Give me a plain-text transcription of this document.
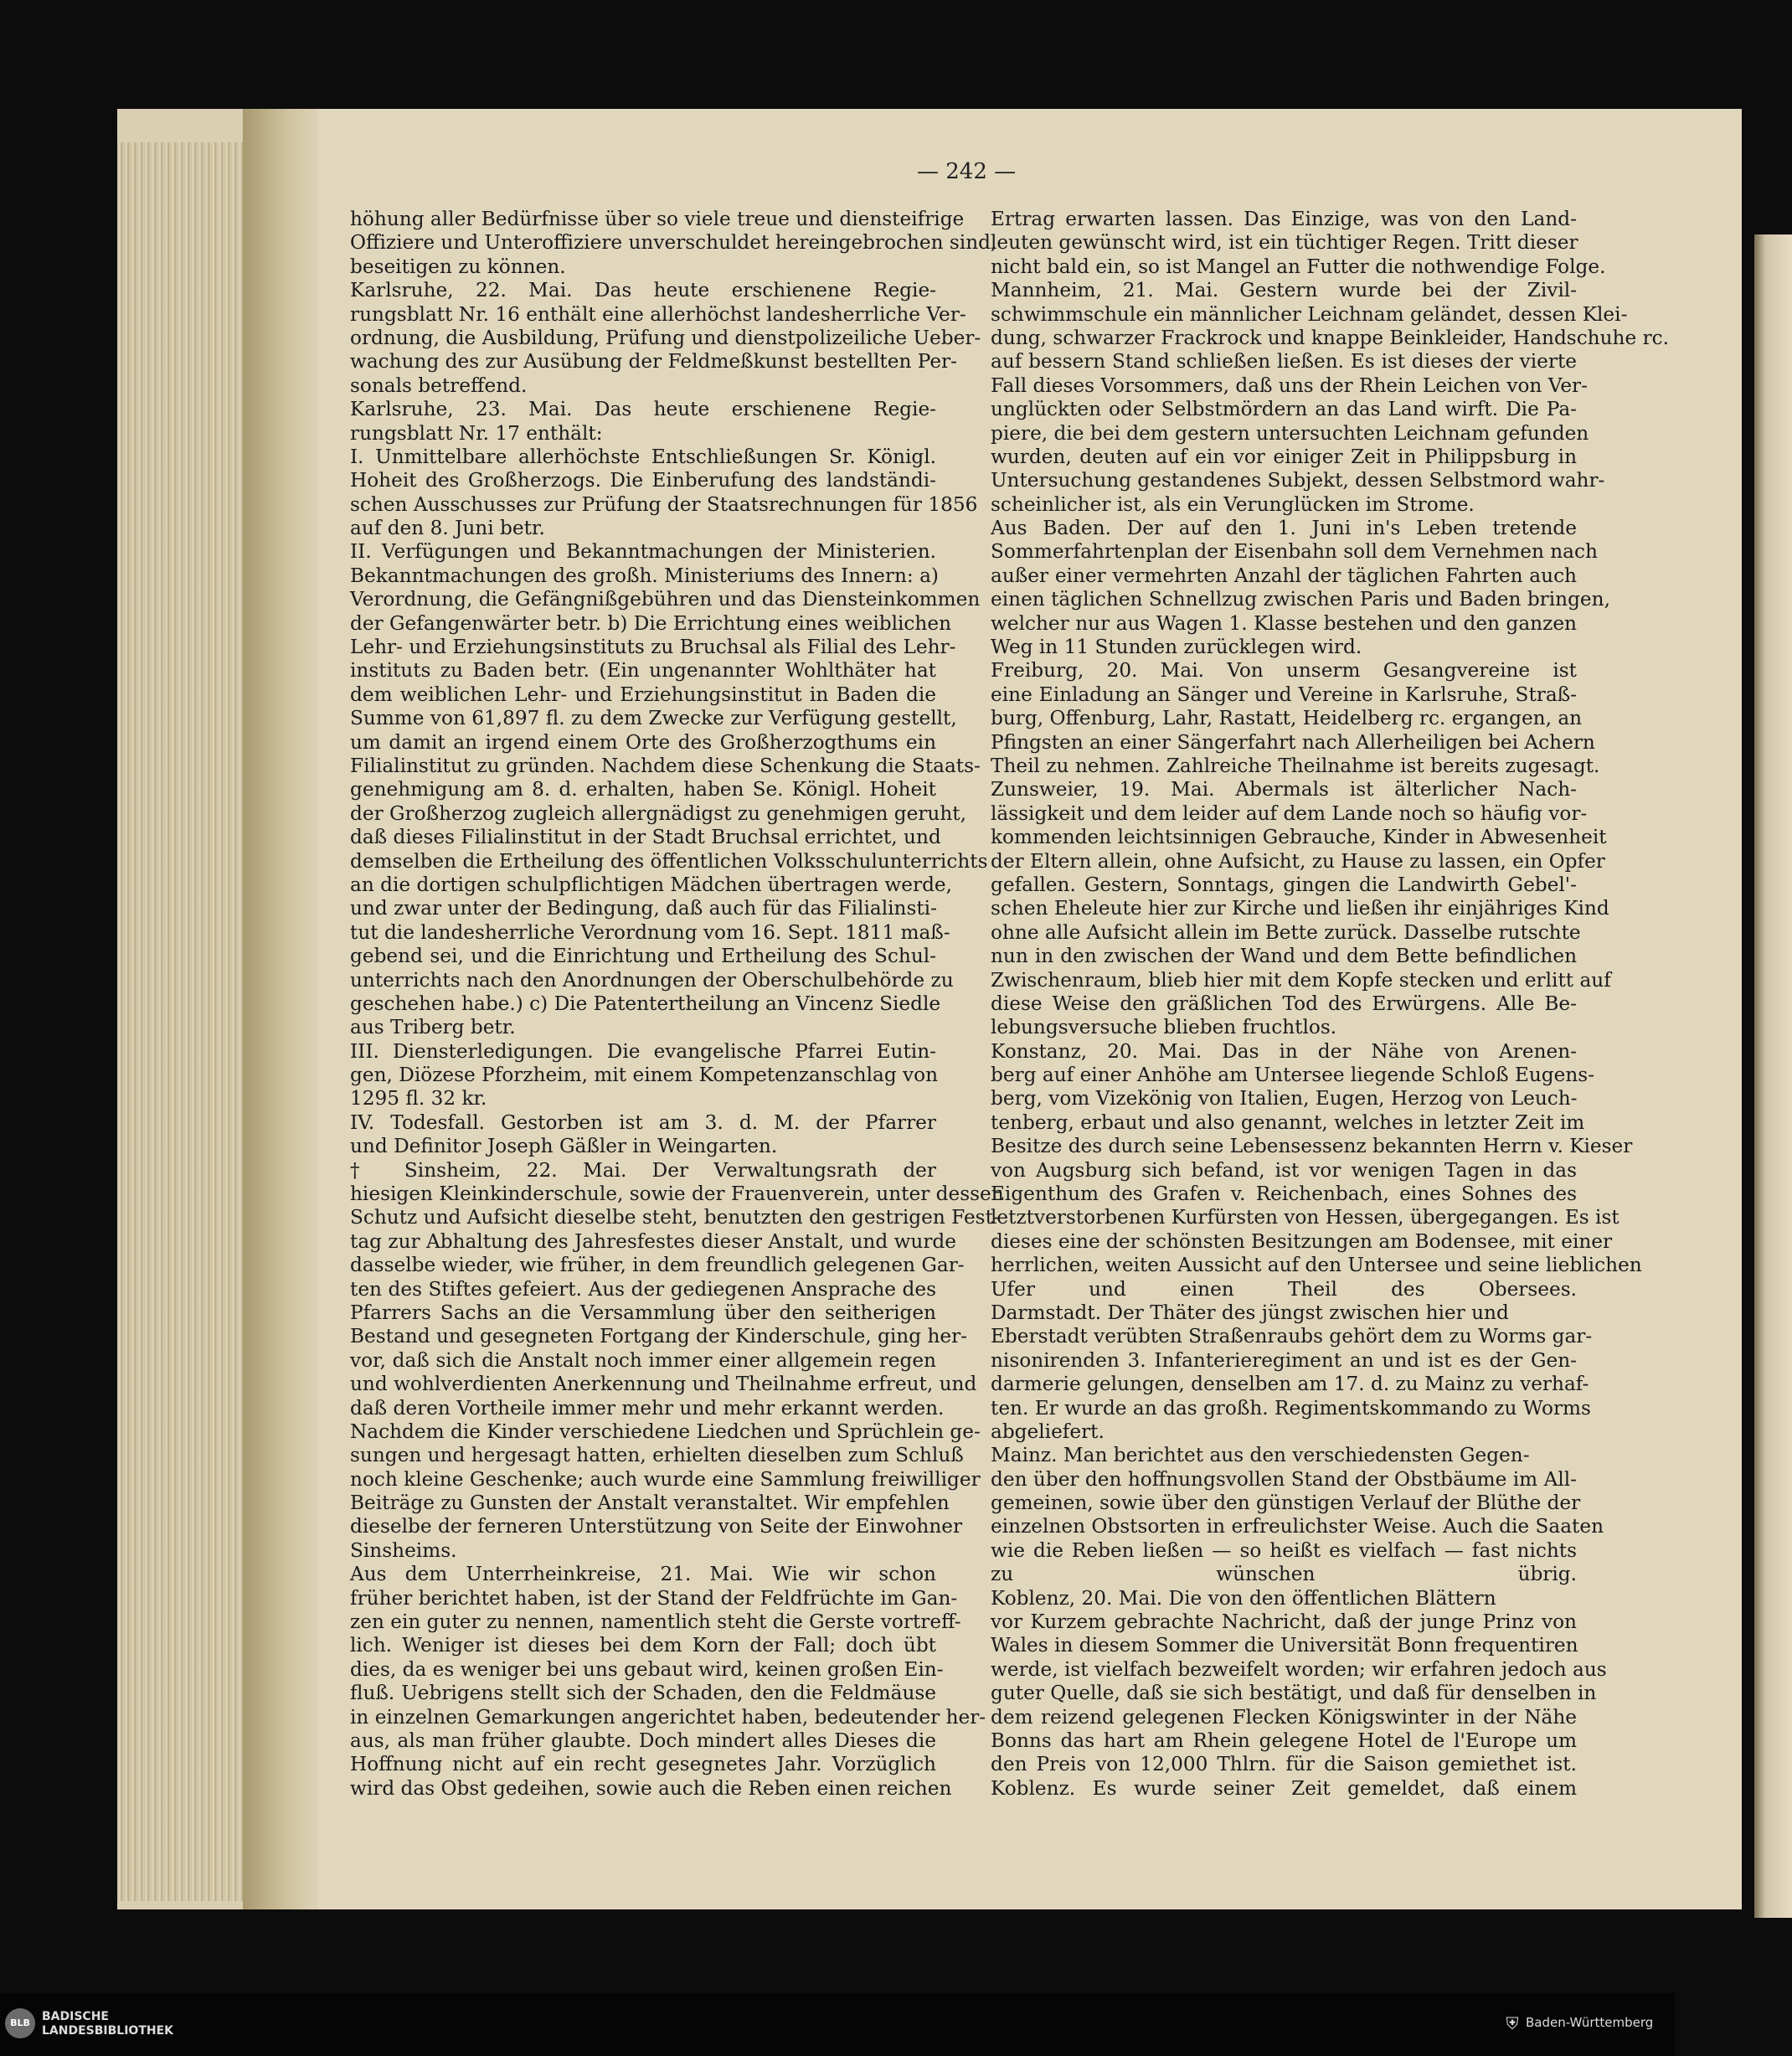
— 242 —
höhung aller Bedürfnisse über so viele treue und diensteifrige
Offiziere und Unteroffiziere unverschuldet hereingebrochen sind,
beseitigen zu können.
Karlsruhe, 22. Mai. Das heute erschienene Regie-
rungsblatt Nr. 16 enthält eine allerhöchst landesherrliche Ver-
ordnung, die Ausbildung, Prüfung und dienstpolizeiliche Ueber-
wachung des zur Ausübung der Feldmeßkunst bestellten Per-
sonals betreffend.
Karlsruhe, 23. Mai. Das heute erschienene Regie-
rungsblatt Nr. 17 enthält:
I. Unmittelbare allerhöchste Entschließungen Sr. Königl.
Hoheit des Großherzogs. Die Einberufung des landständi-
schen Ausschusses zur Prüfung der Staatsrechnungen für 1856
auf den 8. Juni betr.
II. Verfügungen und Bekanntmachungen der Ministerien.
Bekanntmachungen des großh. Ministeriums des Innern: a)
Verordnung, die Gefängnißgebühren und das Diensteinkommen
der Gefangenwärter betr. b) Die Errichtung eines weiblichen
Lehr- und Erziehungsinstituts zu Bruchsal als Filial des Lehr-
instituts zu Baden betr. (Ein ungenannter Wohlthäter hat
dem weiblichen Lehr- und Erziehungsinstitut in Baden die
Summe von 61,897 fl. zu dem Zwecke zur Verfügung gestellt,
um damit an irgend einem Orte des Großherzogthums ein
Filialinstitut zu gründen. Nachdem diese Schenkung die Staats-
genehmigung am 8. d. erhalten, haben Se. Königl. Hoheit
der Großherzog zugleich allergnädigst zu genehmigen geruht,
daß dieses Filialinstitut in der Stadt Bruchsal errichtet, und
demselben die Ertheilung des öffentlichen Volksschulunterrichts
an die dortigen schulpflichtigen Mädchen übertragen werde,
und zwar unter der Bedingung, daß auch für das Filialinsti-
tut die landesherrliche Verordnung vom 16. Sept. 1811 maß-
gebend sei, und die Einrichtung und Ertheilung des Schul-
unterrichts nach den Anordnungen der Oberschulbehörde zu
geschehen habe.) c) Die Patentertheilung an Vincenz Siedle
aus Triberg betr.
III. Diensterledigungen. Die evangelische Pfarrei Eutin-
gen, Diözese Pforzheim, mit einem Kompetenzanschlag von
1295 fl. 32 kr.
IV. Todesfall. Gestorben ist am 3. d. M. der Pfarrer
und Definitor Joseph Gäßler in Weingarten.
† Sinsheim, 22. Mai. Der Verwaltungsrath der
hiesigen Kleinkinderschule, sowie der Frauenverein, unter dessen
Schutz und Aufsicht dieselbe steht, benutzten den gestrigen Fest-
tag zur Abhaltung des Jahresfestes dieser Anstalt, und wurde
dasselbe wieder, wie früher, in dem freundlich gelegenen Gar-
ten des Stiftes gefeiert. Aus der gediegenen Ansprache des
Pfarrers Sachs an die Versammlung über den seitherigen
Bestand und gesegneten Fortgang der Kinderschule, ging her-
vor, daß sich die Anstalt noch immer einer allgemein regen
und wohlverdienten Anerkennung und Theilnahme erfreut, und
daß deren Vortheile immer mehr und mehr erkannt werden.
Nachdem die Kinder verschiedene Liedchen und Sprüchlein ge-
sungen und hergesagt hatten, erhielten dieselben zum Schluß
noch kleine Geschenke; auch wurde eine Sammlung freiwilliger
Beiträge zu Gunsten der Anstalt veranstaltet. Wir empfehlen
dieselbe der ferneren Unterstützung von Seite der Einwohner
Sinsheims.
Aus dem Unterrheinkreise, 21. Mai. Wie wir schon
früher berichtet haben, ist der Stand der Feldfrüchte im Gan-
zen ein guter zu nennen, namentlich steht die Gerste vortreff-
lich. Weniger ist dieses bei dem Korn der Fall; doch übt
dies, da es weniger bei uns gebaut wird, keinen großen Ein-
fluß. Uebrigens stellt sich der Schaden, den die Feldmäuse
in einzelnen Gemarkungen angerichtet haben, bedeutender her-
aus, als man früher glaubte. Doch mindert alles Dieses die
Hoffnung nicht auf ein recht gesegnetes Jahr. Vorzüglich
wird das Obst gedeihen, sowie auch die Reben einen reichen
Ertrag erwarten lassen. Das Einzige, was von den Land-
leuten gewünscht wird, ist ein tüchtiger Regen. Tritt dieser
nicht bald ein, so ist Mangel an Futter die nothwendige Folge.
Mannheim, 21. Mai. Gestern wurde bei der Zivil-
schwimmschule ein männlicher Leichnam geländet, dessen Klei-
dung, schwarzer Frackrock und knappe Beinkleider, Handschuhe rc.
auf bessern Stand schließen ließen. Es ist dieses der vierte
Fall dieses Vorsommers, daß uns der Rhein Leichen von Ver-
unglückten oder Selbstmördern an das Land wirft. Die Pa-
piere, die bei dem gestern untersuchten Leichnam gefunden
wurden, deuten auf ein vor einiger Zeit in Philippsburg in
Untersuchung gestandenes Subjekt, dessen Selbstmord wahr-
scheinlicher ist, als ein Verunglücken im Strome.
Aus Baden. Der auf den 1. Juni in's Leben tretende
Sommerfahrtenplan der Eisenbahn soll dem Vernehmen nach
außer einer vermehrten Anzahl der täglichen Fahrten auch
einen täglichen Schnellzug zwischen Paris und Baden bringen,
welcher nur aus Wagen 1. Klasse bestehen und den ganzen
Weg in 11 Stunden zurücklegen wird.
Freiburg, 20. Mai. Von unserm Gesangvereine ist
eine Einladung an Sänger und Vereine in Karlsruhe, Straß-
burg, Offenburg, Lahr, Rastatt, Heidelberg rc. ergangen, an
Pfingsten an einer Sängerfahrt nach Allerheiligen bei Achern
Theil zu nehmen. Zahlreiche Theilnahme ist bereits zugesagt.
Zunsweier, 19. Mai. Abermals ist älterlicher Nach-
lässigkeit und dem leider auf dem Lande noch so häufig vor-
kommenden leichtsinnigen Gebrauche, Kinder in Abwesenheit
der Eltern allein, ohne Aufsicht, zu Hause zu lassen, ein Opfer
gefallen. Gestern, Sonntags, gingen die Landwirth Gebel'-
schen Eheleute hier zur Kirche und ließen ihr einjähriges Kind
ohne alle Aufsicht allein im Bette zurück. Dasselbe rutschte
nun in den zwischen der Wand und dem Bette befindlichen
Zwischenraum, blieb hier mit dem Kopfe stecken und erlitt auf
diese Weise den gräßlichen Tod des Erwürgens. Alle Be-
lebungsversuche blieben fruchtlos.
Konstanz, 20. Mai. Das in der Nähe von Arenen-
berg auf einer Anhöhe am Untersee liegende Schloß Eugens-
berg, vom Vizekönig von Italien, Eugen, Herzog von Leuch-
tenberg, erbaut und also genannt, welches in letzter Zeit im
Besitze des durch seine Lebensessenz bekannten Herrn v. Kieser
von Augsburg sich befand, ist vor wenigen Tagen in das
Eigenthum des Grafen v. Reichenbach, eines Sohnes des
letztverstorbenen Kurfürsten von Hessen, übergegangen. Es ist
dieses eine der schönsten Besitzungen am Bodensee, mit einer
herrlichen, weiten Aussicht auf den Untersee und seine lieblichen
Ufer und einen Theil des Obersees.
Darmstadt. Der Thäter des jüngst zwischen hier und
Eberstadt verübten Straßenraubs gehört dem zu Worms gar-
nisonirenden 3. Infanterieregiment an und ist es der Gen-
darmerie gelungen, denselben am 17. d. zu Mainz zu verhaf-
ten. Er wurde an das großh. Regimentskommando zu Worms
abgeliefert.
Mainz. Man berichtet aus den verschiedensten Gegen-
den über den hoffnungsvollen Stand der Obstbäume im All-
gemeinen, sowie über den günstigen Verlauf der Blüthe der
einzelnen Obstsorten in erfreulichster Weise. Auch die Saaten
wie die Reben ließen — so heißt es vielfach — fast nichts
zu wünschen übrig.
Koblenz, 20. Mai. Die von den öffentlichen Blättern
vor Kurzem gebrachte Nachricht, daß der junge Prinz von
Wales in diesem Sommer die Universität Bonn frequentiren
werde, ist vielfach bezweifelt worden; wir erfahren jedoch aus
guter Quelle, daß sie sich bestätigt, und daß für denselben in
dem reizend gelegenen Flecken Königswinter in der Nähe
Bonns das hart am Rhein gelegene Hotel de l'Europe um
den Preis von 12,000 Thlrn. für die Saison gemiethet ist.
Koblenz. Es wurde seiner Zeit gemeldet, daß einem
BLB	BADISCHE
LANDESBIBLIOTHEK	⛨ Baden-Württemberg
